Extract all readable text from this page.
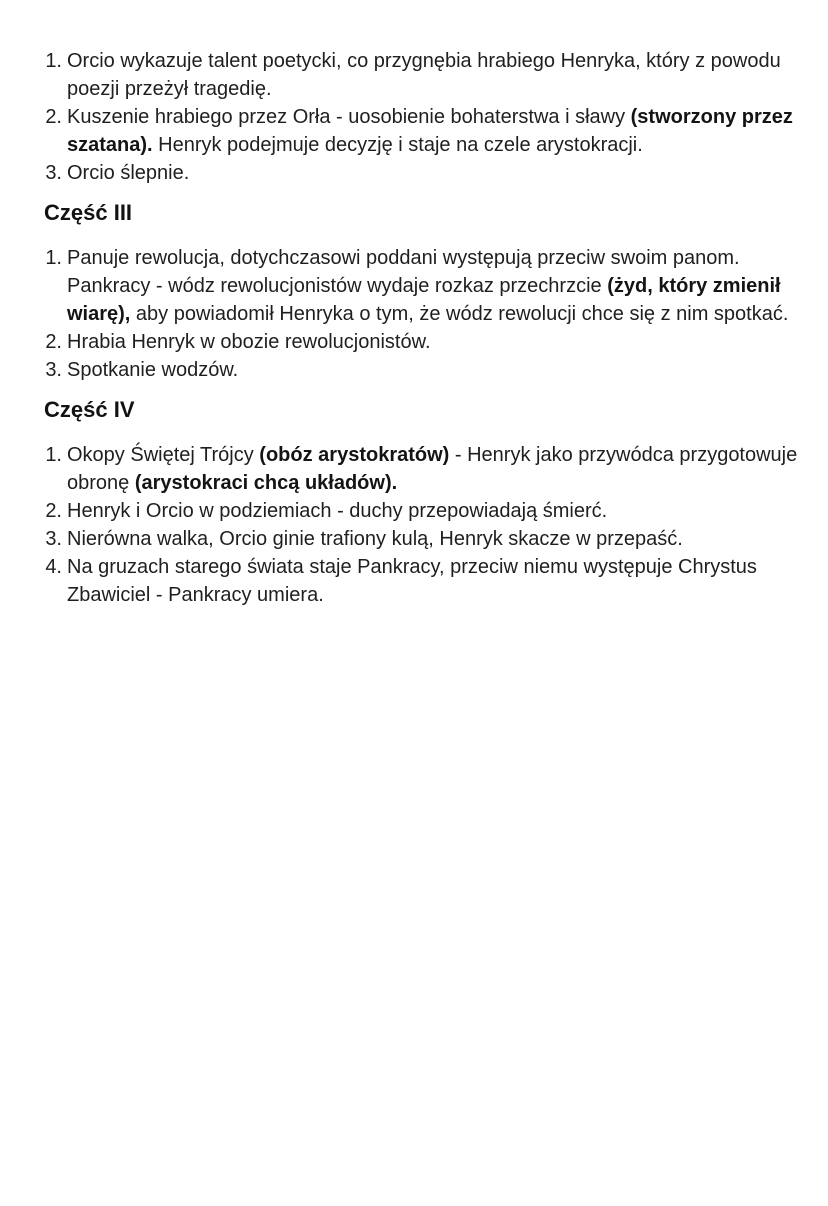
1. Orcio wykazuje talent poetycki, co przygnębia hrabiego Henryka, który z powodu poezji przeżył tragedię.
2. Kuszenie hrabiego przez Orła - uosobienie bohaterstwa i sławy (stworzony przez szatana). Henryk podejmuje decyzję i staje na czele arystokracji.
3. Orcio ślepnie.
Część III
1. Panuje rewolucja, dotychczasowi poddani występują przeciw swoim panom. Pankracy - wódz rewolucjonistów wydaje rozkaz przechrzcie (żyd, który zmienił wiarę), aby powiadomił Henryka o tym, że wódz rewolucji chce się z nim spotkać.
2. Hrabia Henryk w obozie rewolucjonistów.
3. Spotkanie wodzów.
Część IV
1. Okopy Świętej Trójcy (obóz arystokratów) - Henryk jako przywódca przygotowuje obronę (arystokraci chcą układów).
2. Henryk i Orcio w podziemiach - duchy przepowiadają śmierć.
3. Nierówna walka, Orcio ginie trafiony kulą, Henryk skacze w przepaść.
4. Na gruzach starego świata staje Pankracy, przeciw niemu występuje Chrystus Zbawiciel - Pankracy umiera.
